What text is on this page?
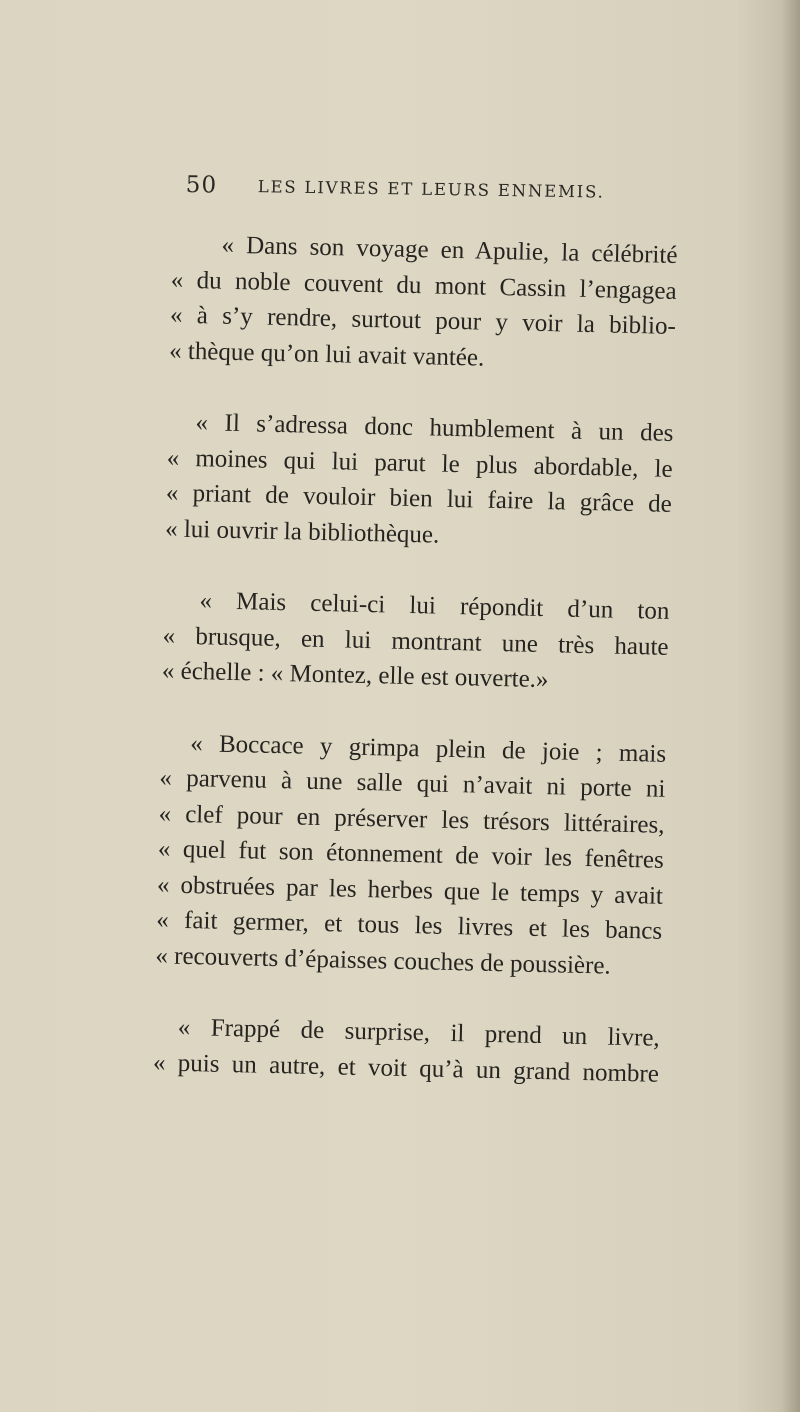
50 LES LIVRES ET LEURS ENNEMIS.
« Dans son voyage en Apulie, la célébrité
« du noble couvent du mont Cassin l’engagea
« à s’y rendre, surtout pour y voir la biblio-
« thèque qu’on lui avait vantée.
« Il s’adressa donc humblement à un des
« moines qui lui parut le plus abordable, le
« priant de vouloir bien lui faire la grâce de
« lui ouvrir la bibliothèque.
« Mais celui-ci lui répondit d’un ton
« brusque, en lui montrant une très haute
« échelle : « Montez, elle est ouverte.»
« Boccace y grimpa plein de joie ; mais
« parvenu à une salle qui n’avait ni porte ni
« clef pour en préserver les trésors littéraires,
« quel fut son étonnement de voir les fenêtres
« obstruées par les herbes que le temps y avait
« fait germer, et tous les livres et les bancs
« recouverts d’épaisses couches de poussière.
« Frappé de surprise, il prend un livre,
« puis un autre, et voit qu’à un grand nombre
